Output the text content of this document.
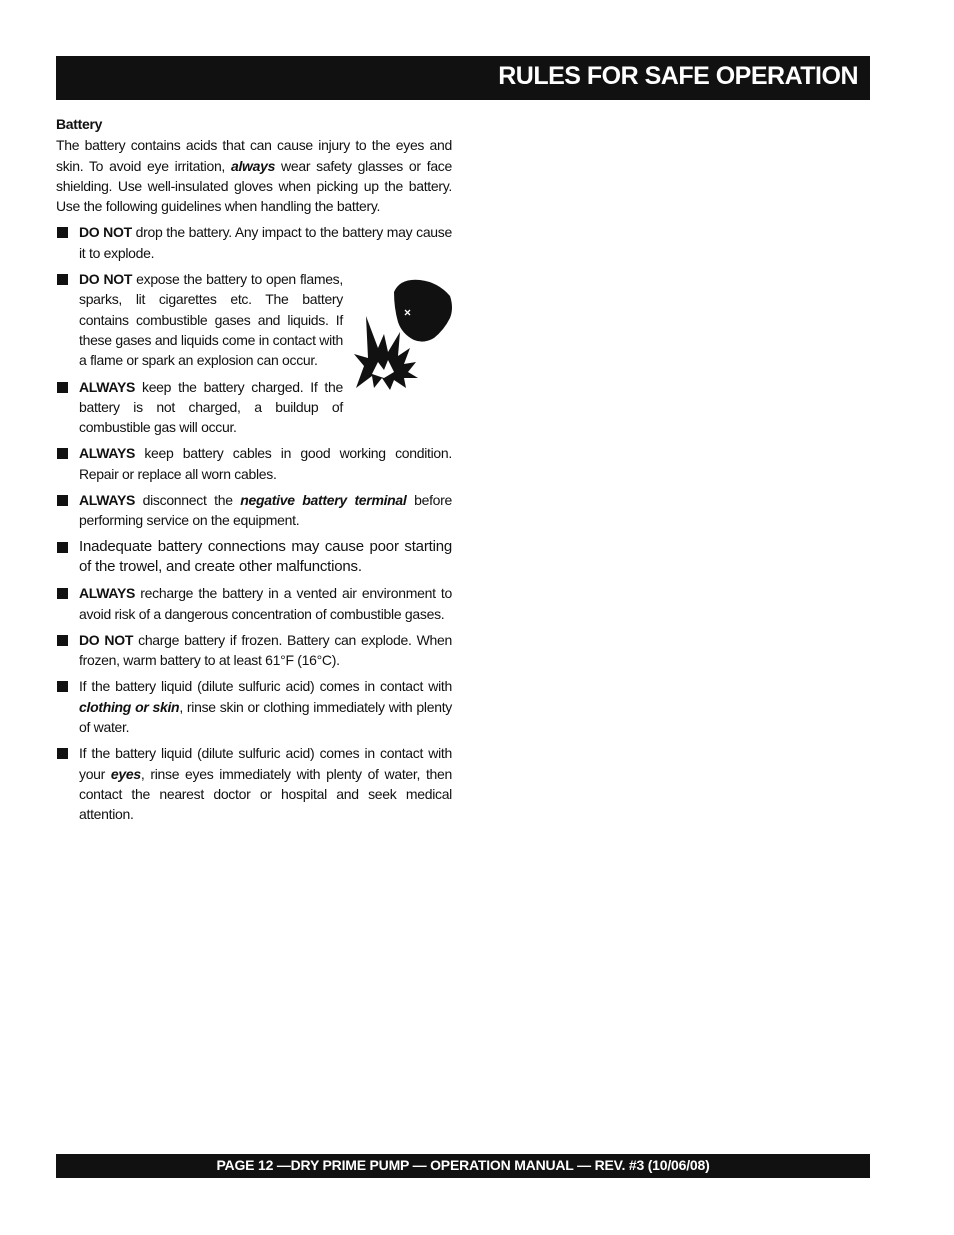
RULES FOR SAFE OPERATION
Battery

The battery contains acids that can cause injury to the eyes and skin. To avoid eye irritation, always wear safety glasses or face shielding. Use well-insulated gloves when picking up the battery. Use the following guidelines when handling the battery.

DO NOT drop the battery. Any impact to the battery may cause it to explode.
DO NOT expose the battery to open flames, sparks, lit cigarettes etc. The battery contains combustible gases and liquids. If these gases and liquids come in contact with a flame or spark an explosion can occur.
ALWAYS keep the battery charged. If the battery is not charged, a buildup of combustible gas will occur.
ALWAYS keep battery cables in good working condition. Repair or replace all worn cables.
ALWAYS disconnect the negative battery terminal before performing service on the equipment.
Inadequate battery connections may cause poor starting of the trowel, and create other malfunctions.
ALWAYS recharge the battery in a vented air environment to avoid risk of a dangerous concentration of combustible gases.
DO NOT charge battery if frozen. Battery can explode. When frozen, warm battery to at least 61°F (16°C).
If the battery liquid (dilute sulfuric acid) comes in contact with clothing or skin, rinse skin or clothing immediately with plenty of water.
If the battery liquid (dilute sulfuric acid) comes in contact with your eyes, rinse eyes immediately with plenty of water, then contact the nearest doctor or hospital and seek medical attention.
PAGE 12 —DRY PRIME PUMP — OPERATION MANUAL — REV. #3 (10/06/08)
